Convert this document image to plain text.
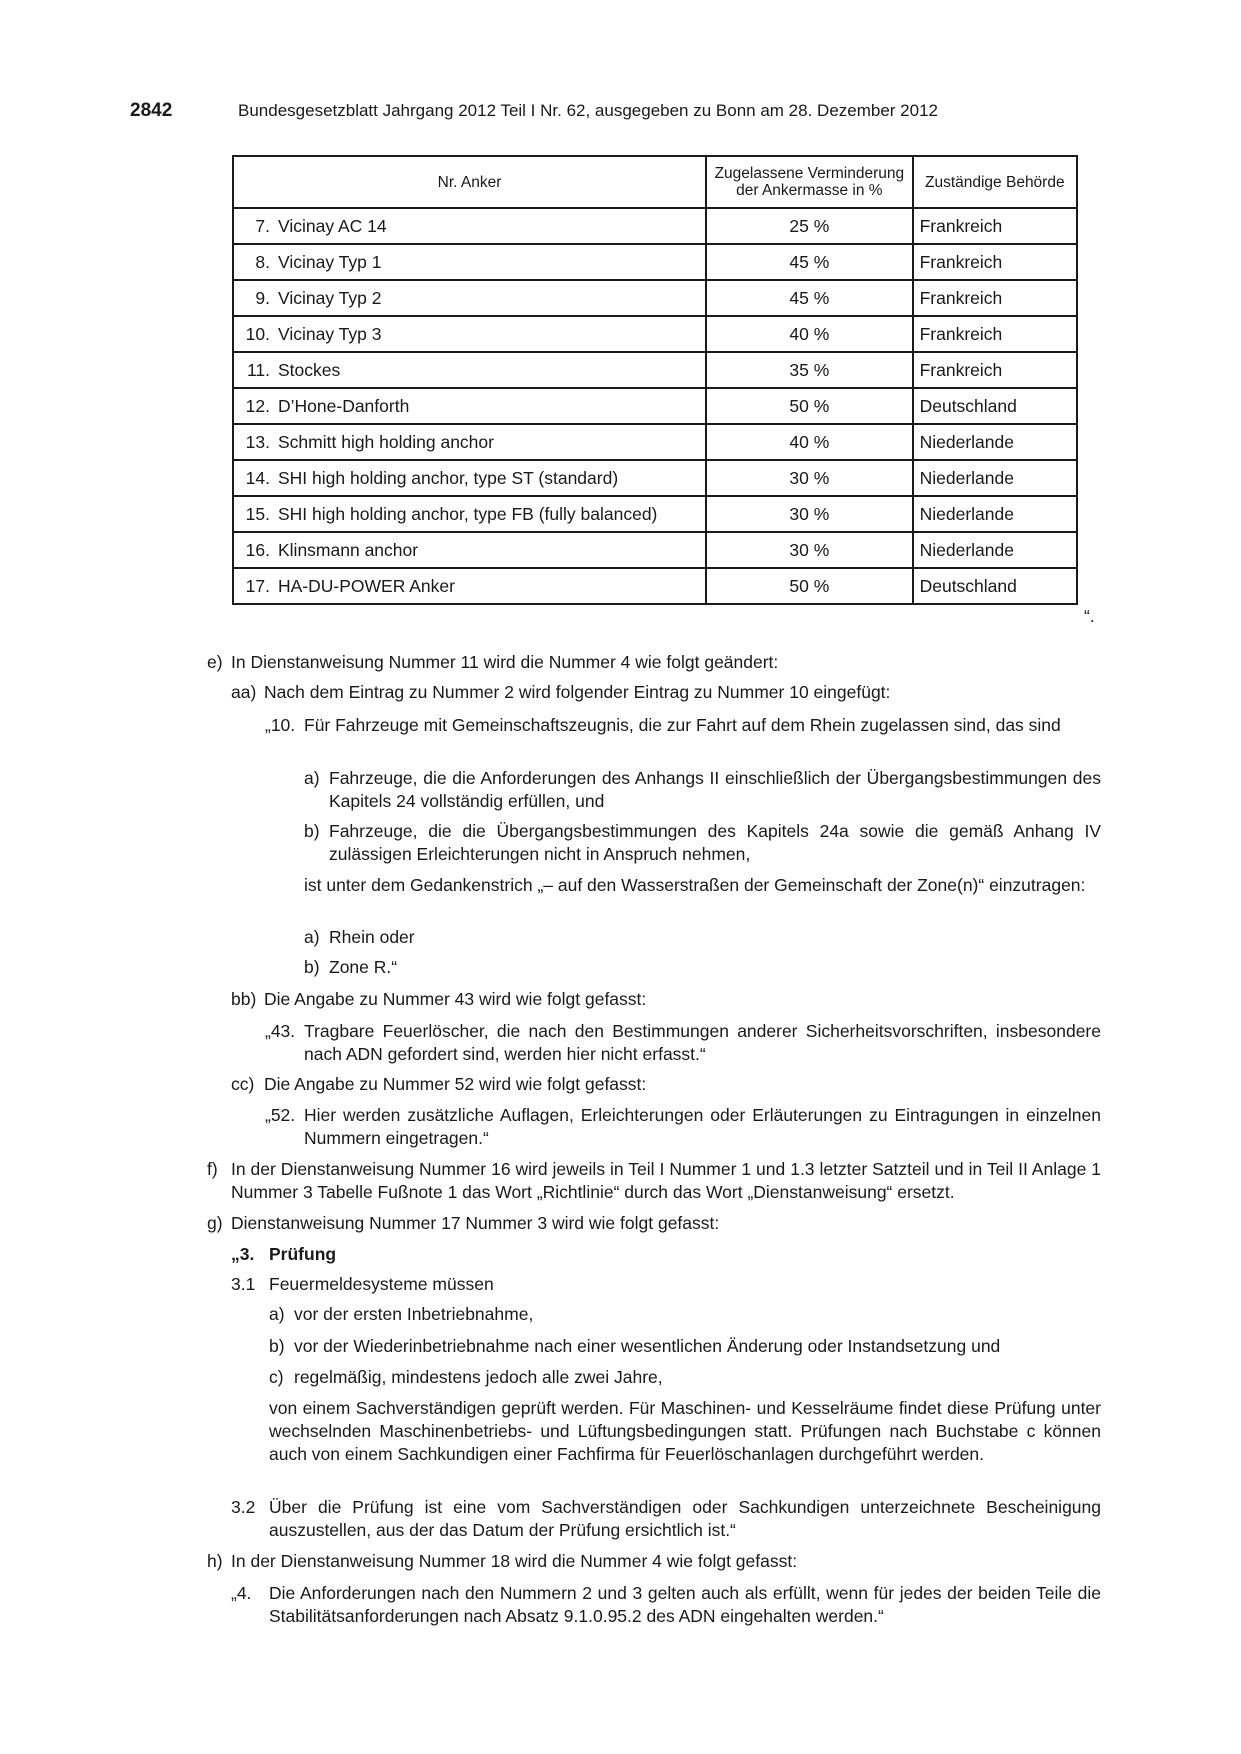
2842	Bundesgesetzblatt Jahrgang 2012 Teil I Nr. 62, ausgegeben zu Bonn am 28. Dezember 2012
Nr. Anker	Zugelassene Verminderung der Ankermasse in %	Zuständige Behörde
7. Vicinay AC 14	25 %	Frankreich
8. Vicinay Typ 1	45 %	Frankreich
9. Vicinay Typ 2	45 %	Frankreich
10. Vicinay Typ 3	40 %	Frankreich
11. Stockes	35 %	Frankreich
12. D’Hone-Danforth	50 %	Deutschland
13. Schmitt high holding anchor	40 %	Niederlande
14. SHI high holding anchor, type ST (standard)	30 %	Niederlande
15. SHI high holding anchor, type FB (fully balanced)	30 %	Niederlande
16. Klinsmann anchor	30 %	Niederlande
17. HA-DU-POWER Anker	50 %	Deutschland
“.
e) In Dienstanweisung Nummer 11 wird die Nummer 4 wie folgt geändert:
aa) Nach dem Eintrag zu Nummer 2 wird folgender Eintrag zu Nummer 10 eingefügt:
„10. Für Fahrzeuge mit Gemeinschaftszeugnis, die zur Fahrt auf dem Rhein zugelassen sind, das sind
a) Fahrzeuge, die die Anforderungen des Anhangs II einschließlich der Übergangsbestimmungen des Kapitels 24 vollständig erfüllen, und
b) Fahrzeuge, die die Übergangsbestimmungen des Kapitels 24a sowie die gemäß Anhang IV zulässigen Erleichterungen nicht in Anspruch nehmen,
ist unter dem Gedankenstrich „– auf den Wasserstraßen der Gemeinschaft der Zone(n)“ einzutragen:
a) Rhein oder
b) Zone R.“
bb) Die Angabe zu Nummer 43 wird wie folgt gefasst:
„43. Tragbare Feuerlöscher, die nach den Bestimmungen anderer Sicherheitsvorschriften, insbesondere nach ADN gefordert sind, werden hier nicht erfasst.“
cc) Die Angabe zu Nummer 52 wird wie folgt gefasst:
„52. Hier werden zusätzliche Auflagen, Erleichterungen oder Erläuterungen zu Eintragungen in einzelnen Nummern eingetragen.“
f) In der Dienstanweisung Nummer 16 wird jeweils in Teil I Nummer 1 und 1.3 letzter Satzteil und in Teil II Anlage 1 Nummer 3 Tabelle Fußnote 1 das Wort „Richtlinie“ durch das Wort „Dienstanweisung“ ersetzt.
g) Dienstanweisung Nummer 17 Nummer 3 wird wie folgt gefasst:
„3. Prüfung
3.1 Feuermeldesysteme müssen
a) vor der ersten Inbetriebnahme,
b) vor der Wiederinbetriebnahme nach einer wesentlichen Änderung oder Instandsetzung und
c) regelmäßig, mindestens jedoch alle zwei Jahre,
von einem Sachverständigen geprüft werden. Für Maschinen- und Kesselräume findet diese Prüfung unter wechselnden Maschinenbetriebs- und Lüftungsbedingungen statt. Prüfungen nach Buchstabe c können auch von einem Sachkundigen einer Fachfirma für Feuerlöschanlagen durchgeführt werden.
3.2 Über die Prüfung ist eine vom Sachverständigen oder Sachkundigen unterzeichnete Bescheinigung auszustellen, aus der das Datum der Prüfung ersichtlich ist.“
h) In der Dienstanweisung Nummer 18 wird die Nummer 4 wie folgt gefasst:
„4. Die Anforderungen nach den Nummern 2 und 3 gelten auch als erfüllt, wenn für jedes der beiden Teile die Stabilitätsanforderungen nach Absatz 9.1.0.95.2 des ADN eingehalten werden.“
